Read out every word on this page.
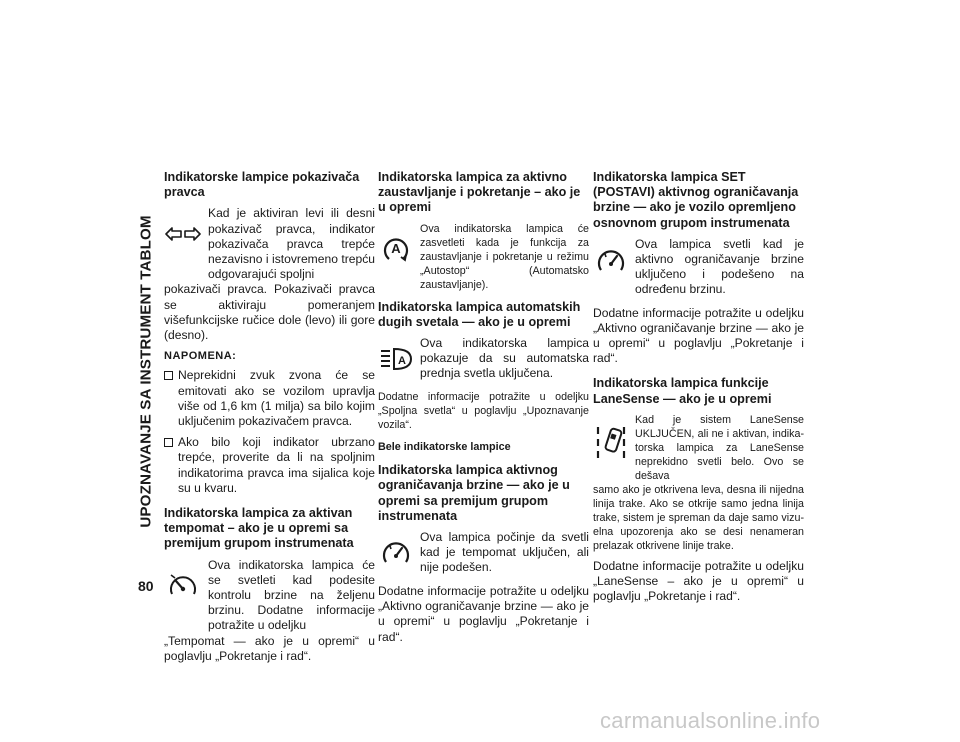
UPOZNAVANJE SA INSTRUMENT TABLOM
80
Indikatorske lampice pokazivača pravca

Kad je aktiviran levi ili desni pokazivač pravca, indikator pokazivača pravca trepće nezavisno i istovremeno trepću odgovarajući spoljni

pokazivači pravca. Pokazivači pravca se aktiviraju pomeranjem višefunkcijske ručice dole (levo) ili gore (desno).

NAPOMENA:

Neprekidni zvuk zvona će se emitovati ako se vozilom upravlja više od 1,6 km (1 milja) sa bilo kojim uključenim pokazivačem pravca.

Ako bilo koji indikator ubrzano trepće, proverite da li na spoljnim indikatorima pravca ima sijalica koje su u kvaru.

Indikatorska lampica za aktivan tempomat – ako je u opremi sa premijum grupom instrumenata

Ova indikatorska lampica će se svetleti kad podesite kontrolu brzine na željenu brzinu. Dodatne informacije potražite u odeljku

„Tempomat — ako je u opremi“ u poglavlju „Pokretanje i rad“.

Indikatorska lampica za aktivno zaustavljanje i pokretanje – ako je u opremi
A

Ova indikatorska lampica će zasvetleti kada je funkcija za zaustavljanje i pokretanje u režimu „Autostop“ (Automatsko zaustavljanje).

Indikatorska lampica automatskih dugih svetala — ako je u opremi
A

Ova indikatorska lampica pokazuje da su automatska prednja svetla uključena.

Dodatne informacije potražite u odeljku „Spoljna svetla“ u poglavlju „Upoznavanje vozila“.

Bele indikatorske lampice
Indikatorska lampica aktivnog ograničavanja brzine — ako je u opremi sa premijum grupom instrumenata

Ova lampica počinje da svetli kad je tempomat uključen, ali nije podešen.

Dodatne informacije potražite u odeljku „Aktivno ograničavanje brzine — ako je u opremi“ u poglavlju „Pokretanje i rad“.

Indikatorska lampica SET (POSTAVI) aktivnog ograničavanja brzine — ako je vozilo opremljeno osnovnom grupom instrumenata

Ova lampica svetli kad je aktivno ograničavanje brzine uključeno i podešeno na određenu brzinu.

Dodatne informacije potražite u odeljku „Aktivno ograničavanje brzine — ako je u opremi“ u poglavlju „Pokretanje i rad“.

Indikatorska lampica funkcije LaneSense — ako je u opremi

Kad je sistem LaneSense UKLJUČEN, ali ne i aktivan, indikatorska lampica za LaneSense neprekidno svetli belo. Ovo se dešava

samo ako je otkrivena leva, desna ili nijedna linija trake. Ako se otkrije samo jedna linija trake, sistem je spreman da daje samo vizuelna upozorenja ako se desi nenameran prelazak otkrivene linije trake.

Dodatne informacije potražite u odeljku „LaneSense – ako je u opremi“ u poglavlju „Pokretanje i rad“.

carmanualsonline.info
